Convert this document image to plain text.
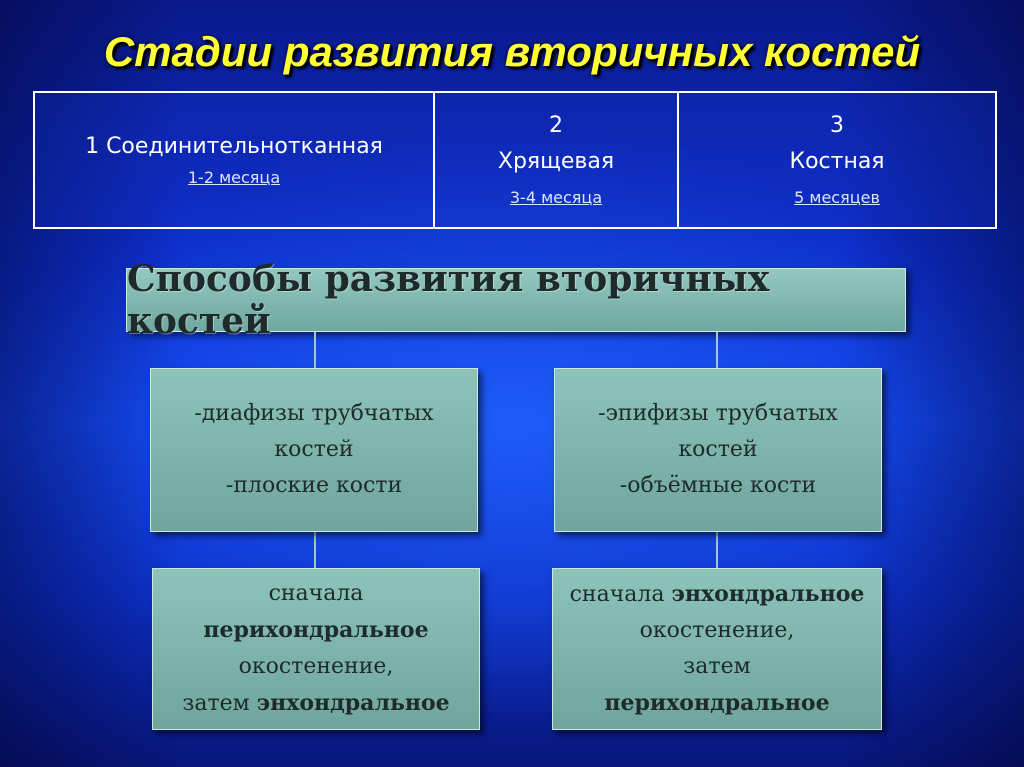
Стадии развития вторичных костей
1 Соединительнотканная
1-2 месяца
2
Хрящевая
3-4 месяца
3
Костная
5 месяцев
Способы развития вторичных костей
-диафизы трубчатых
костей
-плоские кости
-эпифизы трубчатых
костей
-объёмные кости
сначала
перихондральное
окостенение,
затем энхондральное
сначала энхондральное
окостенение,
затем
перихондральное
